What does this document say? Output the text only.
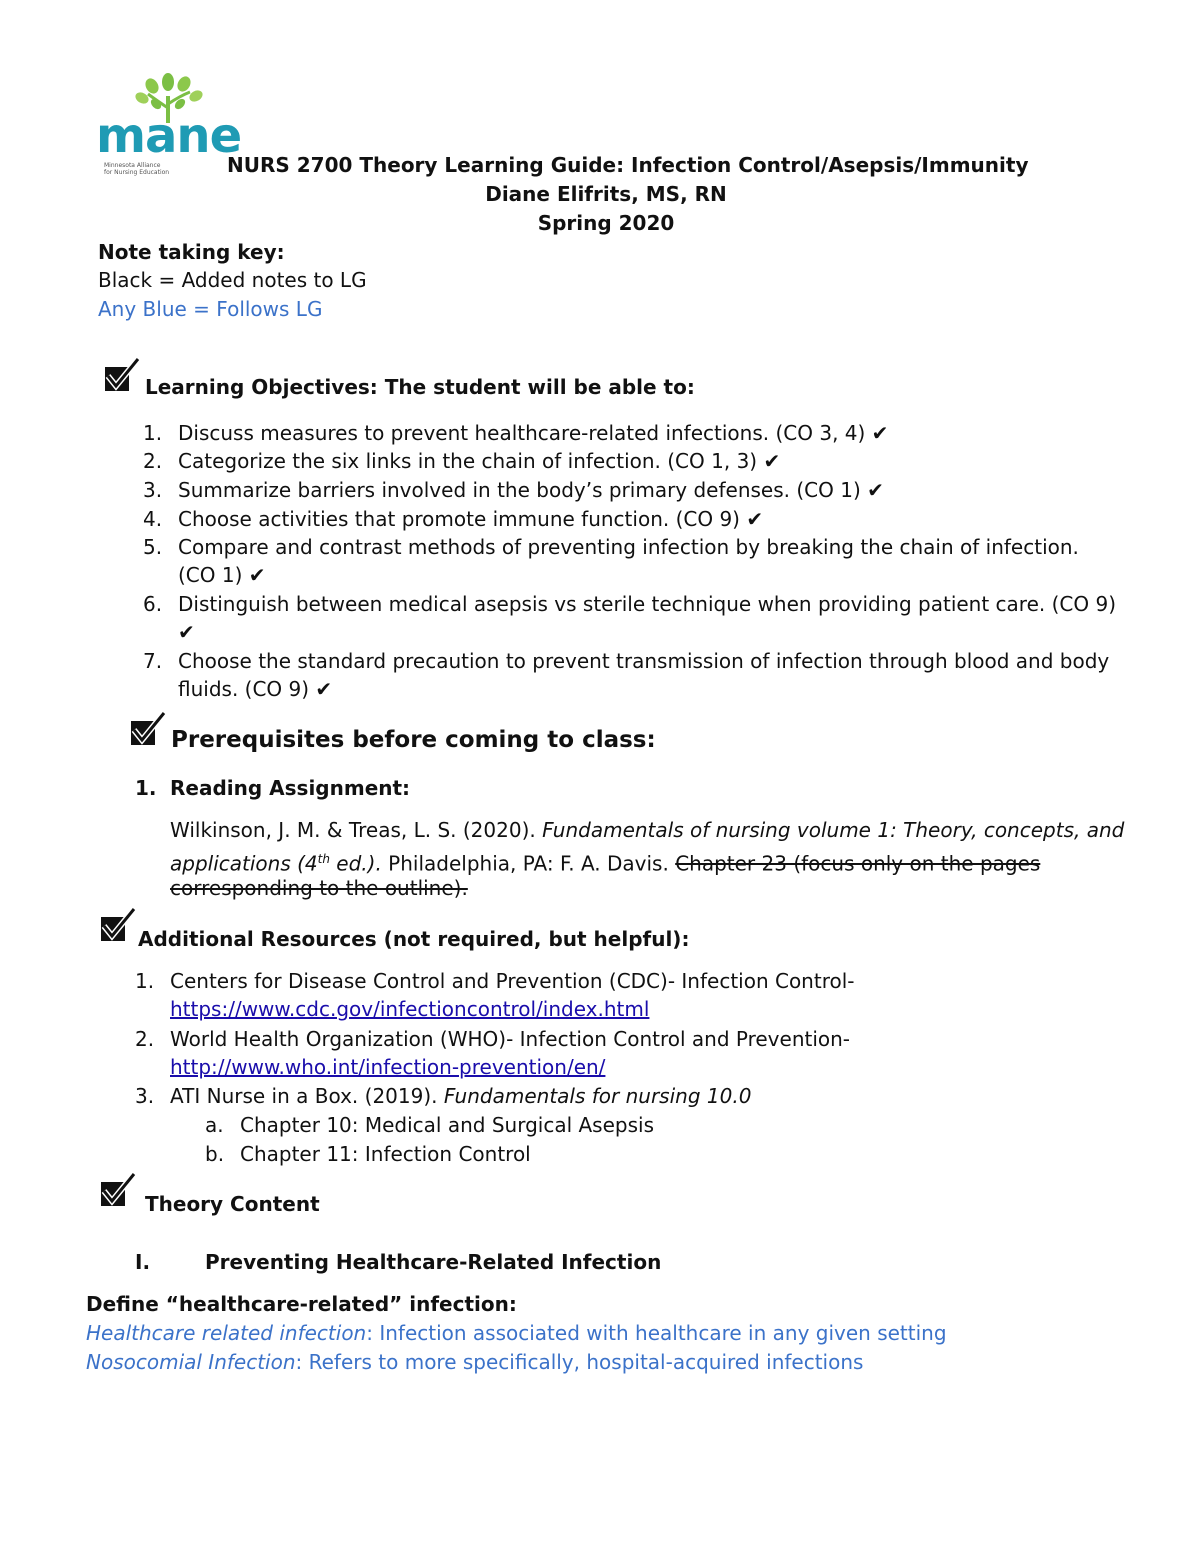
mane
Minnesota Alliance
for Nursing Education	NURS 2700 Theory Learning Guide: Infection Control/Asepsis/Immunity
Diane Elifrits, MS, RN
Spring 2020
Note taking key:
Black = Added notes to LG
Any Blue = Follows LG
Learning Objectives: The student will be able to:
1. Discuss measures to prevent healthcare-related infections. (CO 3, 4) ✔
2. Categorize the six links in the chain of infection. (CO 1, 3) ✔
3. Summarize barriers involved in the body’s primary defenses. (CO 1) ✔
4. Choose activities that promote immune function. (CO 9) ✔
5. Compare and contrast methods of preventing infection by breaking the chain of infection.
(CO 1) ✔
6. Distinguish between medical asepsis vs sterile technique when providing patient care. (CO 9)
✔
7. Choose the standard precaution to prevent transmission of infection through blood and body
fluids. (CO 9) ✔
Prerequisites before coming to class:
1. Reading Assignment:
Wilkinson, J. M. & Treas, L. S. (2020). Fundamentals of nursing volume 1: Theory, concepts, and
applications (4th ed.). Philadelphia, PA: F. A. Davis. Chapter 23 (focus only on the pages
corresponding to the outline).
Additional Resources (not required, but helpful):
1. Centers for Disease Control and Prevention (CDC)- Infection Control-
https://www.cdc.gov/infectioncontrol/index.html
2. World Health Organization (WHO)- Infection Control and Prevention-
http://www.who.int/infection-prevention/en/
3. ATI Nurse in a Box. (2019). Fundamentals for nursing 10.0
a. Chapter 10: Medical and Surgical Asepsis
b. Chapter 11: Infection Control
Theory Content
I.	Preventing Healthcare-Related Infection
Define “healthcare-related” infection:
Healthcare related infection: Infection associated with healthcare in any given setting
Nosocomial Infection: Refers to more specifically, hospital-acquired infections
